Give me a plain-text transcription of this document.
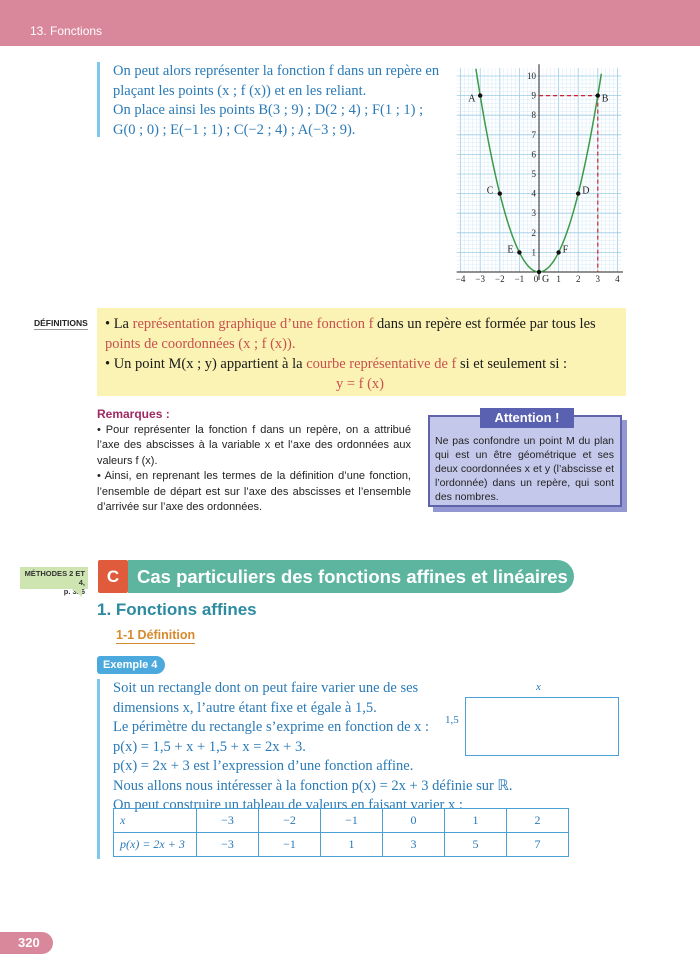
13. Fonctions
On peut alors représenter la fonction f dans un repère en
plaçant les points (x ; f (x)) et en les reliant.
On place ainsi les points B(3 ; 9) ; D(2 ; 4) ; F(1 ; 1) ;
G(0 ; 0) ; E(−1 ; 1) ; C(−2 ; 4) ; A(−3 ; 9).
−4 −3 −2 −1 0 1 2 3 4
1
2
3
4
5
6
7
8
9
10
A
C
E
G
F
D
B
DÉFINITIONS • La représentation graphique d’une fonction f dans un repère est formée par tous les
points de coordonnées (x ; f (x)).
• Un point M(x ; y) appartient à la courbe représentative de f si et seulement si :
y = f (x)
Remarques :

• Pour représenter la fonction f dans un repère, on a attribué l’axe des abscisses à la variable x et l’axe des ordonnées aux valeurs f (x).

• Ainsi, en reprenant les termes de la définition d’une fonction, l’ensemble de départ est sur l’axe des abscisses et l’ensemble d’arrivée sur l’axe des ordonnées.

Attention !
Ne pas confondre un point M du plan qui est un être géométrique et ses deux coordonnées x et y (l’abscisse et l’ordonnée) dans un repère, qui sont des nombres.
MÉTHODES 2 ET 4,
p. 326
C Cas particuliers des fonctions affines et linéaires
1. Fonctions affines
1-1 Définition
Exemple 4
Soit un rectangle dont on peut faire varier une de ses
dimensions x, l’autre étant fixe et égale à 1,5.
Le périmètre du rectangle s’exprime en fonction de x :
p(x) = 1,5 + x + 1,5 + x = 2x + 3.
p(x) = 2x + 3 est l’expression d’une fonction affine.
Nous allons nous intéresser à la fonction p(x) = 2x + 3 définie sur ℝ.
On peut construire un tableau de valeurs en faisant varier x :
x
1,5
x	−3	−2	−1	0	1	2
p(x) = 2x + 3	−3	−1	1	3	5	7
320
